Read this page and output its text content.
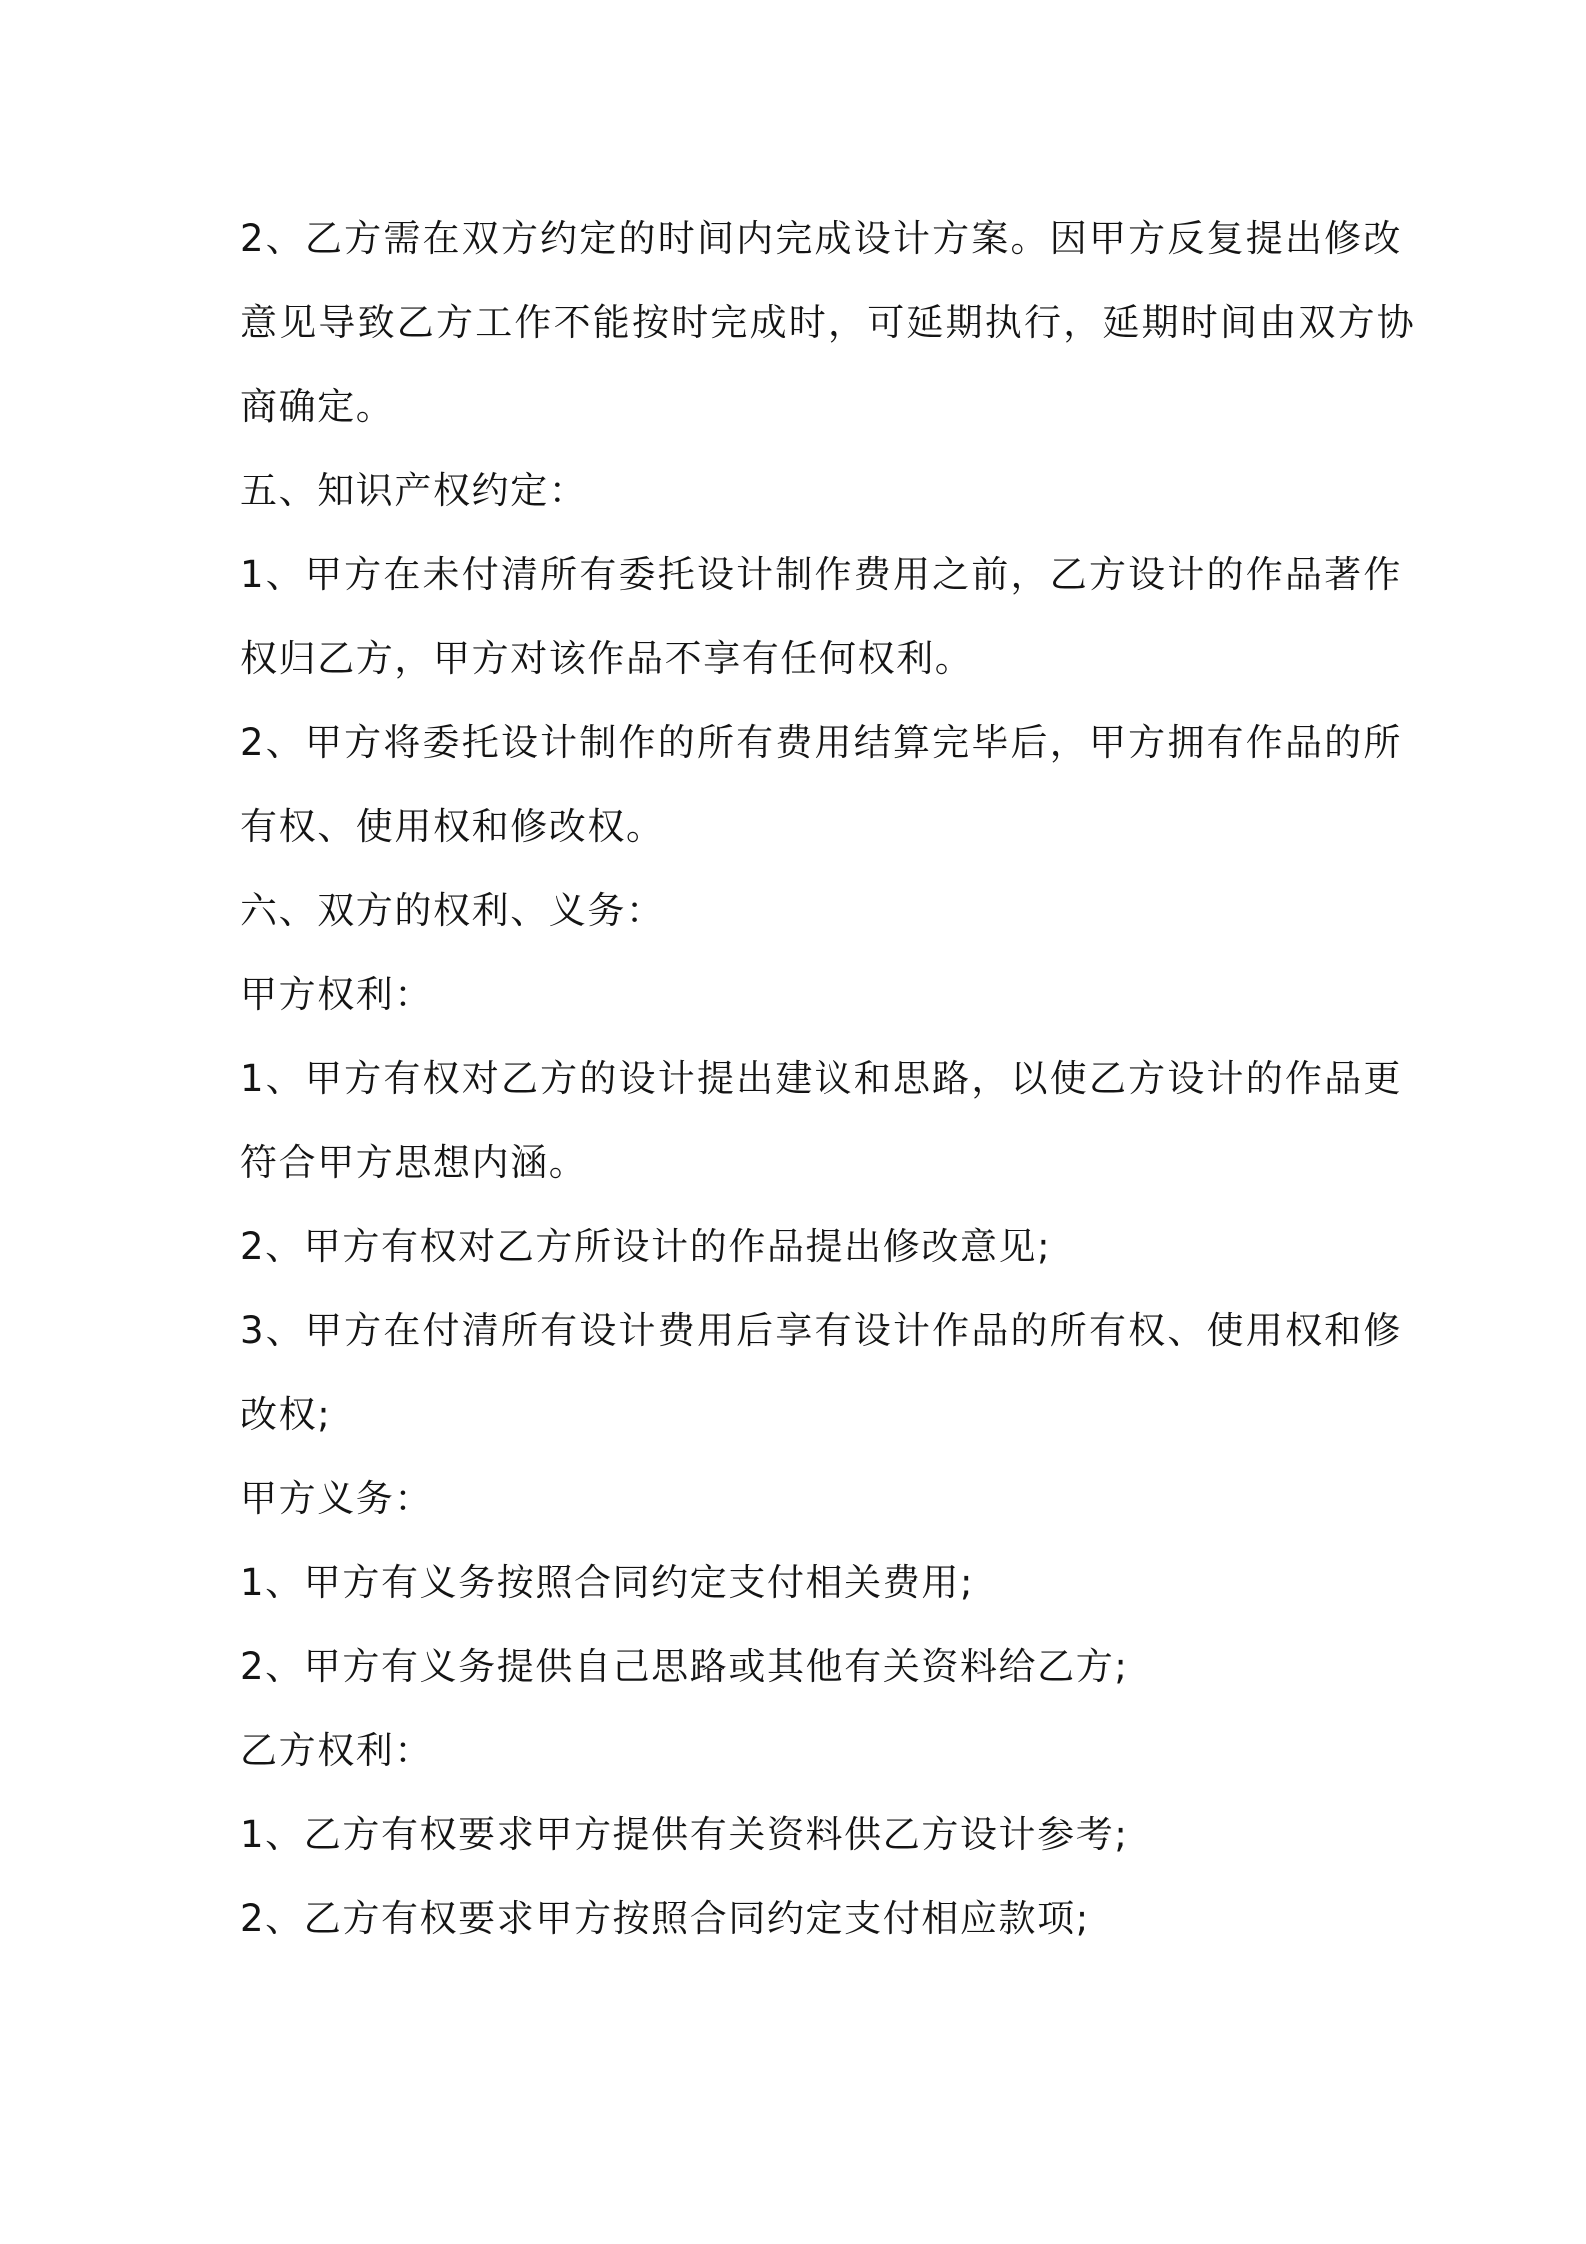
2、乙方需在双方约定的时间内完成设计方案。因甲方反复提出修改
意见导致乙方工作不能按时完成时，可延期执行，延期时间由双方协
商确定。
五、知识产权约定：
1、甲方在未付清所有委托设计制作费用之前，乙方设计的作品著作
权归乙方，甲方对该作品不享有任何权利。
2、甲方将委托设计制作的所有费用结算完毕后，甲方拥有作品的所
有权、使用权和修改权。
六、双方的权利、义务：
甲方权利：
1、甲方有权对乙方的设计提出建议和思路，以使乙方设计的作品更
符合甲方思想内涵。
2、甲方有权对乙方所设计的作品提出修改意见;
3、甲方在付清所有设计费用后享有设计作品的所有权、使用权和修
改权;
甲方义务：
1、甲方有义务按照合同约定支付相关费用;
2、甲方有义务提供自己思路或其他有关资料给乙方;
乙方权利：
1、乙方有权要求甲方提供有关资料供乙方设计参考;
2、乙方有权要求甲方按照合同约定支付相应款项;
